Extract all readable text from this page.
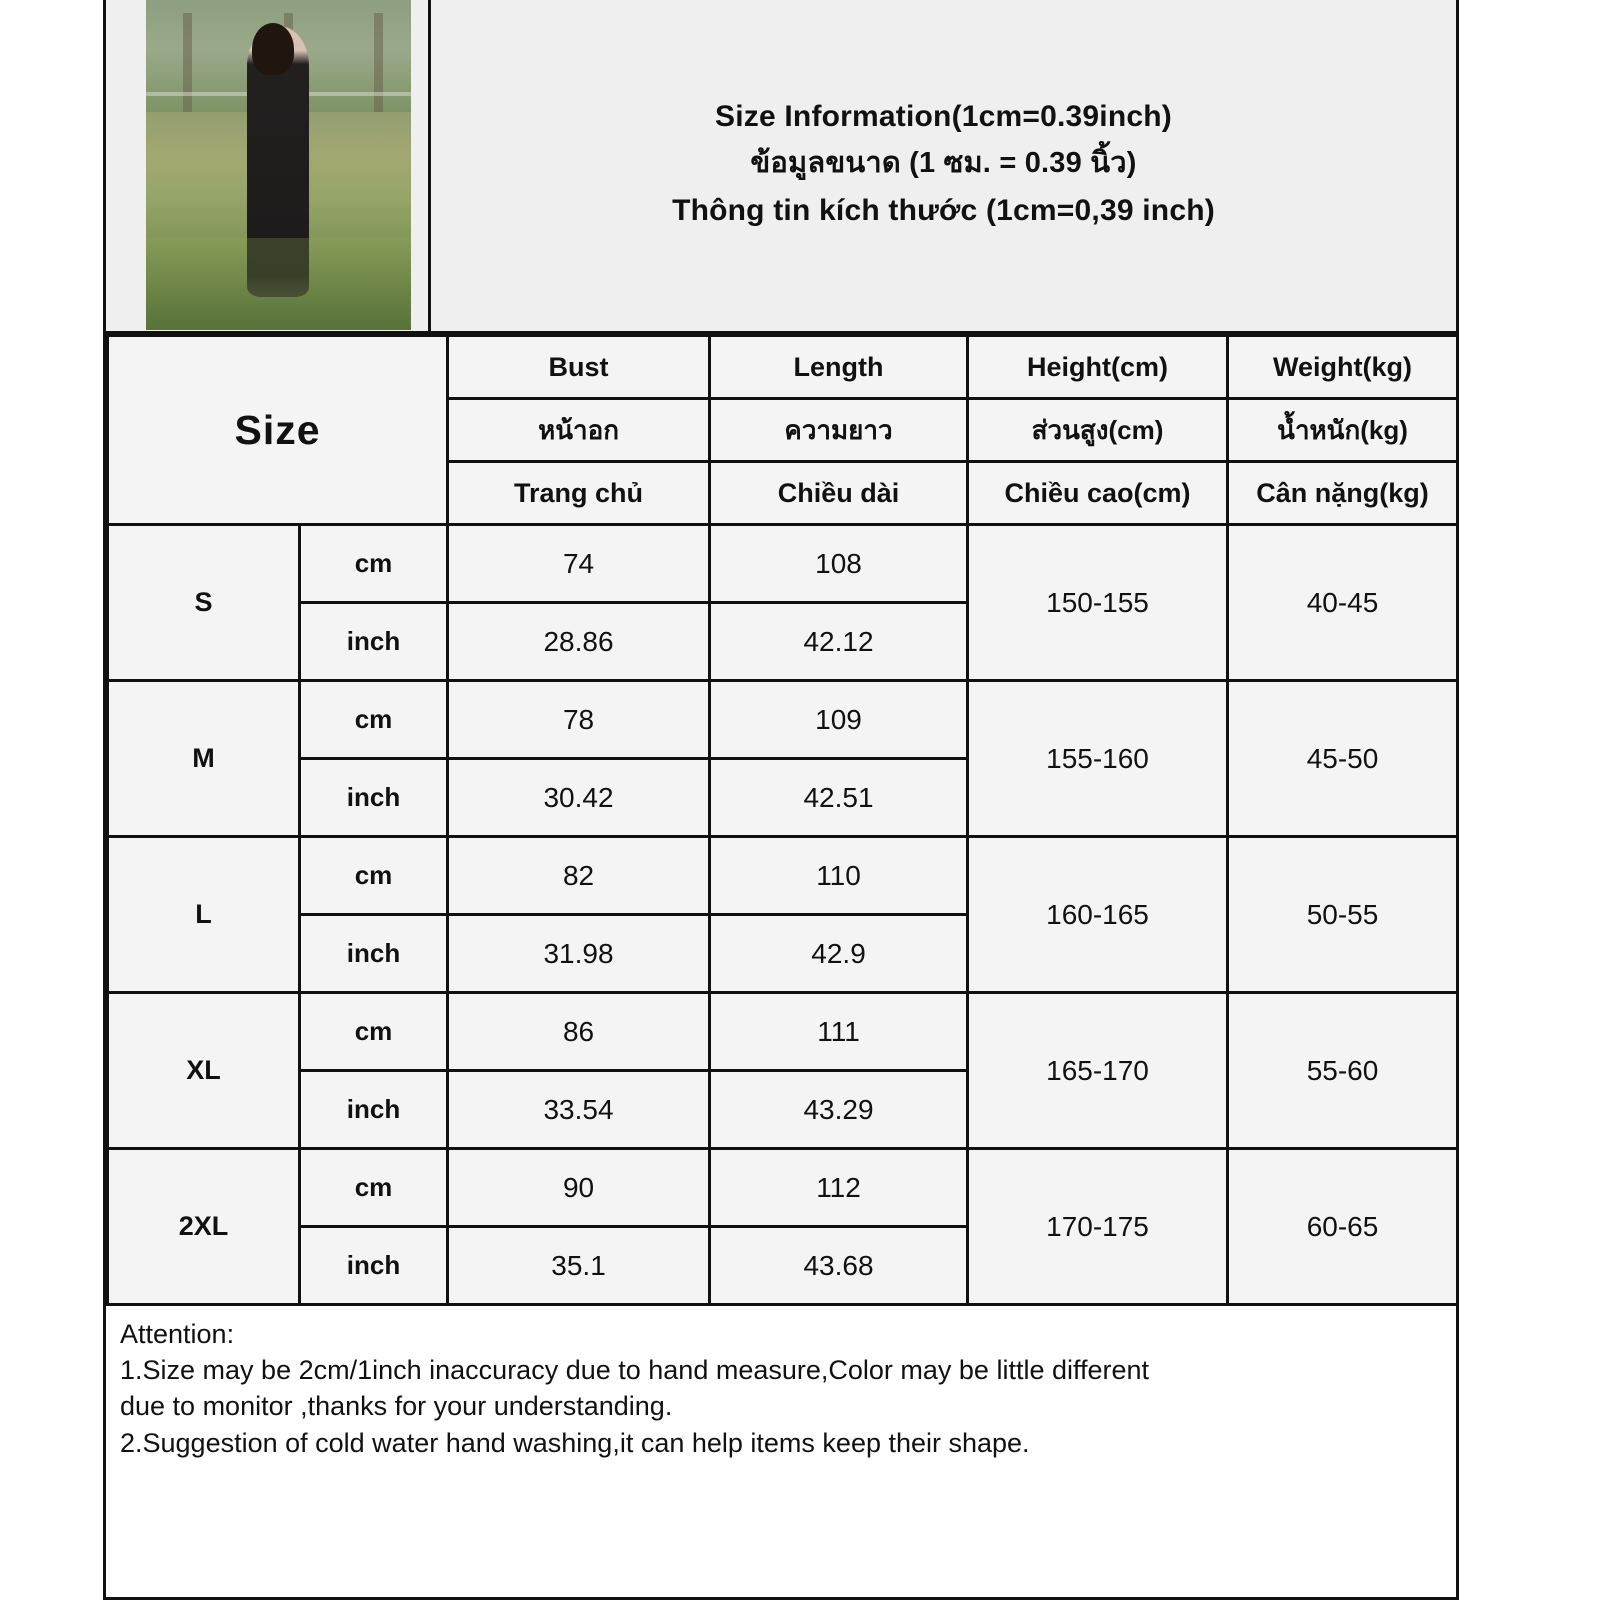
Size Information(1cm=0.39inch)
ข้อมูลขนาด (1 ซม. = 0.39 นิ้ว)
Thông tin kích thước (1cm=0,39 inch)
Size		Bust	Length	Height(cm)	Weight(kg)
		หน้าอก	ความยาว	ส่วนสูง(cm)	น้ำหนัก(kg)
		Trang chủ	Chiều dài	Chiều cao(cm)	Cân nặng(kg)
S	cm	74	108	150-155	40-45
	inch	28.86	42.12		
M	cm	78	109	155-160	45-50
	inch	30.42	42.51		
L	cm	82	110	160-165	50-55
	inch	31.98	42.9		
XL	cm	86	111	165-170	55-60
	inch	33.54	43.29		
2XL	cm	90	112	170-175	60-65
	inch	35.1	43.68		

Attention:

1.Size may be 2cm/1inch inaccuracy due to hand measure,Color may be little different

due to monitor ,thanks for your understanding.

2.Suggestion of cold water hand washing,it can help items keep their shape.
